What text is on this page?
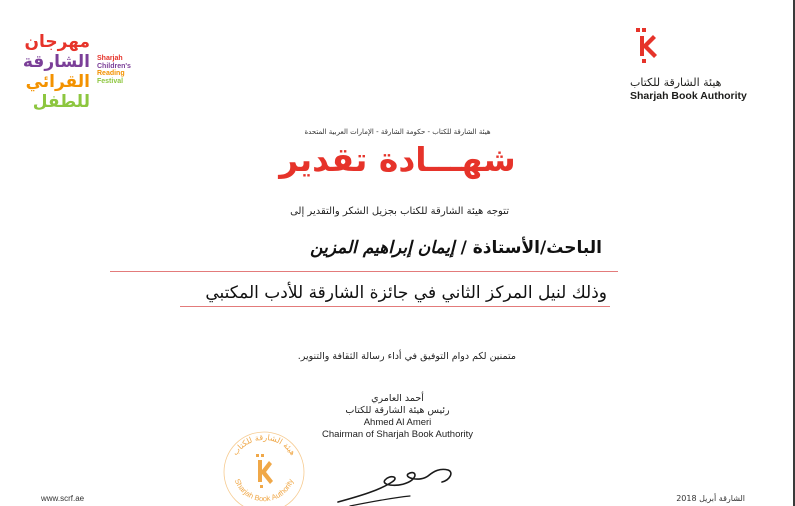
مهرجان
الشارقة
القرائي
للطفل
Sharjah
Children's
Reading
Festival	هيئة الشارقة للكتاب
Sharjah Book Authority
هيئة الشارقة للكتاب - حكومة الشارقة - الإمارات العربية المتحدة
شهـــادة تقدير
تتوجه هيئة الشارقة للكتاب بجزيل الشكر والتقدير إلى
الباحث/الأستاذة / إيمان إبراهيم المزين
وذلك لنيل المركز الثاني في جائزة الشارقة للأدب المكتبي
متمنين لكم دوام التوفيق في أداء رسالة الثقافة والتنوير.
أحمد العامري
رئيس هيئة الشارقة للكتاب
Ahmed Al Ameri
Chairman of Sharjah Book Authority
هيئة الشارقة للكتاب
Sharjah Book Authority
www.scrf.ae	الشارقة أبريل 2018
